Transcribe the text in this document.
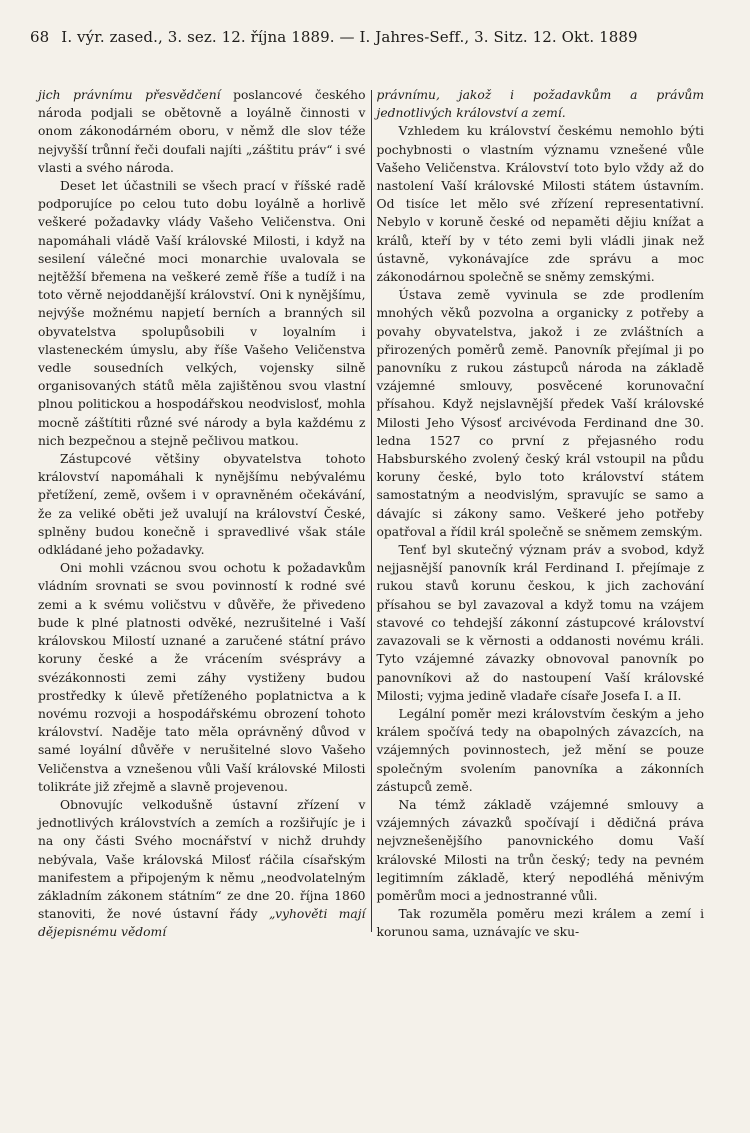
68 I. výr. zased., 3. sez. 12. října 1889. — I. Jahres-Seff., 3. Sitz. 12. Okt. 1889

jich právnímu přesvědčení poslancové českého národa podjali se obětovně a loyálně činnosti v onom zákonodárném oboru, v němž dle slov téže nejvyšší trůnní řeči doufali najíti „záštitu práv“ i své vlasti a svého národa.

Deset let účastnili se všech prací v říšské radě podporujíce po celou tuto dobu loyálně a horlivě veškeré požadavky vlády Vašeho Veličenstva. Oni napomáhali vládě Vaší královské Milosti, i když na sesilení válečné moci monarchie uvalovala se nejtěžší břemena na veškeré země říše a tudíž i na toto věrně nejoddanější království. Oni k nynějšímu, nejvýše možnému napjetí berních a branných sil obyvatelstva spolupůsobili v loyalním i vlasteneckém úmyslu, aby říše Vašeho Veličenstva vedle sousedních velkých, vojensky silně organisovaných států měla zajištěnou svou vlastní plnou politickou a hospodářskou neodvislosť, mohla mocně záštítiti různé své národy a byla každému z nich bezpečnou a stejně pečlivou matkou.

Zástupcové většiny obyvatelstva tohoto království napomáhali k nynějšímu nebývalému přetížení, země, ovšem i v opravněném očekávání, že za veliké oběti jež uvalují na království České, splněny budou konečně i spravedlivé však stále odkládané jeho požadavky.

Oni mohli vzácnou svou ochotu k požadavkům vládním srovnati se svou povinností k rodné své zemi a k svému voličstvu v důvěře, že přivedeno bude k plné platnosti odvěké, nezrušitelné i Vaší královskou Milostí uznané a zaručené státní právo koruny české a že vrácením svésprávy a svézákonnosti zemi záhy vystiženy budou prostředky k úlevě přetíženého poplatnictva a k novému rozvoji a hospodářskému obrození tohoto království. Naděje tato měla oprávněný důvod v samé loyální důvěře v nerušitelné slovo Vašeho Veličenstva a vznešenou vůli Vaší královské Milosti tolikráte již zřejmě a slavně projevenou.

Obnovujíc velkodušně ústavní zřízení v jednotlivých královstvích a zemích a rozšiřujíc je i na ony části Svého mocnářství v nichž druhdy nebývala, Vaše královská Milosť ráčila císařským manifestem a připojeným k němu „neodvolatelným základním zákonem státním“ ze dne 20. října 1860 stanoviti, že nové ústavní řády „vyhověti mají dějepisnému vědomí

právnímu, jakož i požadavkům a právům jednotlivých království a zemí.

Vzhledem ku království českému nemohlo býti pochybnosti o vlastním významu vznešené vůle Vašeho Veličenstva. Království toto bylo vždy až do nastolení Vaší královské Milosti státem ústavním. Od tisíce let mělo své zřízení representativní. Nebylo v koruně české od nepaměti dějiu knížat a králů, kteří by v této zemi byli vládli jinak než ústavně, vykonávajíce zde správu a moc zákonodárnou společně se sněmy zemskými.

Ústava země vyvinula se zde prodlením mnohých věků pozvolna a organicky z potřeby a povahy obyvatelstva, jakož i ze zvláštních a přirozených poměrů země. Panovník přejímal ji po panovníku z rukou zástupců národa na základě vzájemné smlouvy, posvěcené korunovační přísahou. Když nejslavnější předek Vaší královské Milosti Jeho Výsosť arcivévoda Ferdinand dne 30. ledna 1527 co první z přejasného rodu Habsburského zvolený český král vstoupil na půdu koruny české, bylo toto království státem samostatným a neodvislým, spravujíc se samo a dávajíc si zákony samo. Veškeré jeho potřeby opatřoval a řídil král společně se sněmem zemským.

Tenť byl skutečný význam práv a svobod, když nejjasnější panovník král Ferdinand I. přejímaje z rukou stavů korunu českou, k jich zachování přísahou se byl zavazoval a když tomu na vzájem stavové co tehdejší zákonní zástupcové království zavazovali se k věrnosti a oddanosti novému králi. Tyto vzájemné závazky obnovoval panovník po panovníkovi až do nastoupení Vaší královské Milosti; vyjma jedině vladaře císaře Josefa I. a II.

Legální poměr mezi královstvím českým a jeho králem spočívá tedy na obapolných závazcích, na vzájemných povinnostech, jež mění se pouze společným svolením panovníka a zákonních zástupců země.

Na témž základě vzájemné smlouvy a vzájemných závazků spočívají i dědičná práva nejvznešenějšího panovnického domu Vaší královské Milosti na trůn český; tedy na pevném legitimním základě, který nepodléhá měnivým poměrům moci a jednostranné vůli.

Tak rozuměla poměru mezi králem a zemí i korunou sama, uznávajíc ve sku-
